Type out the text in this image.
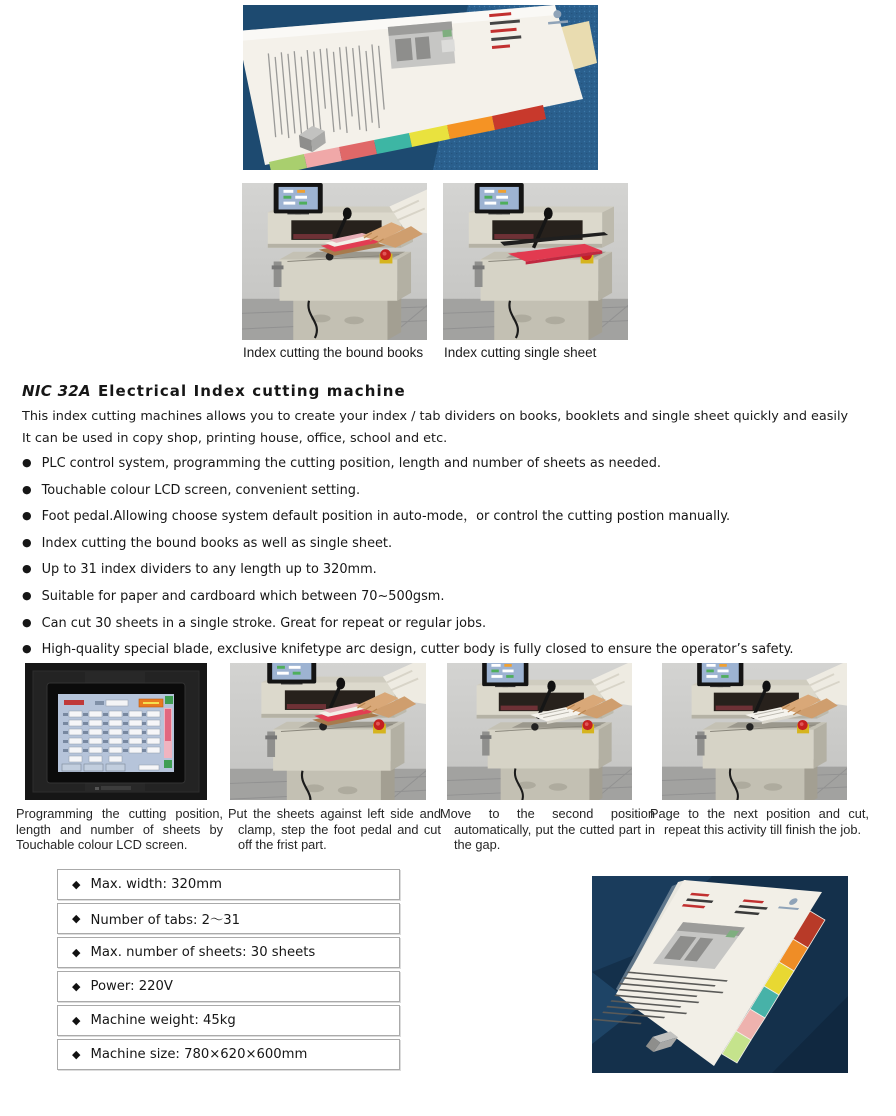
Index cutting the bound books	Index cutting single sheet
NIC 32A Electrical Index cutting machine
This index cutting machines allows you to create your index / tab dividers on books, booklets and single sheet quickly and easily
It can be used in copy shop, printing house, office, school and etc.
● PLC control system, programming the cutting position, length and number of sheets as needed.
● Touchable colour LCD screen, convenient setting.
● Foot pedal.Allowing choose system default position in auto-mode，or control the cutting postion manually.
● Index cutting the bound books as well as single sheet.
● Up to 31 index dividers to any length up to 320mm.
● Suitable for paper and cardboard which between 70~500gsm.
● Can cut 30 sheets in a single stroke. Great for repeat or regular jobs.
● High-quality special blade, exclusive knifetype arc design, cutter body is fully closed to ensure the operator’s safety.
Programming the cutting position, length and number of sheets by Touchable colour LCD screen.
Put the sheets against left side and clamp, step the foot pedal and cut off the frist part.
Move to the second position automatically, put the cutted part in the gap.
Page to the next position and cut, repeat this activity till finish the job.
◆ Max. width: 320mm
◆ Number of tabs: 2～31
◆ Max. number of sheets: 30 sheets
◆ Power: 220V
◆ Machine weight: 45kg
◆ Machine size: 780×620×600mm
